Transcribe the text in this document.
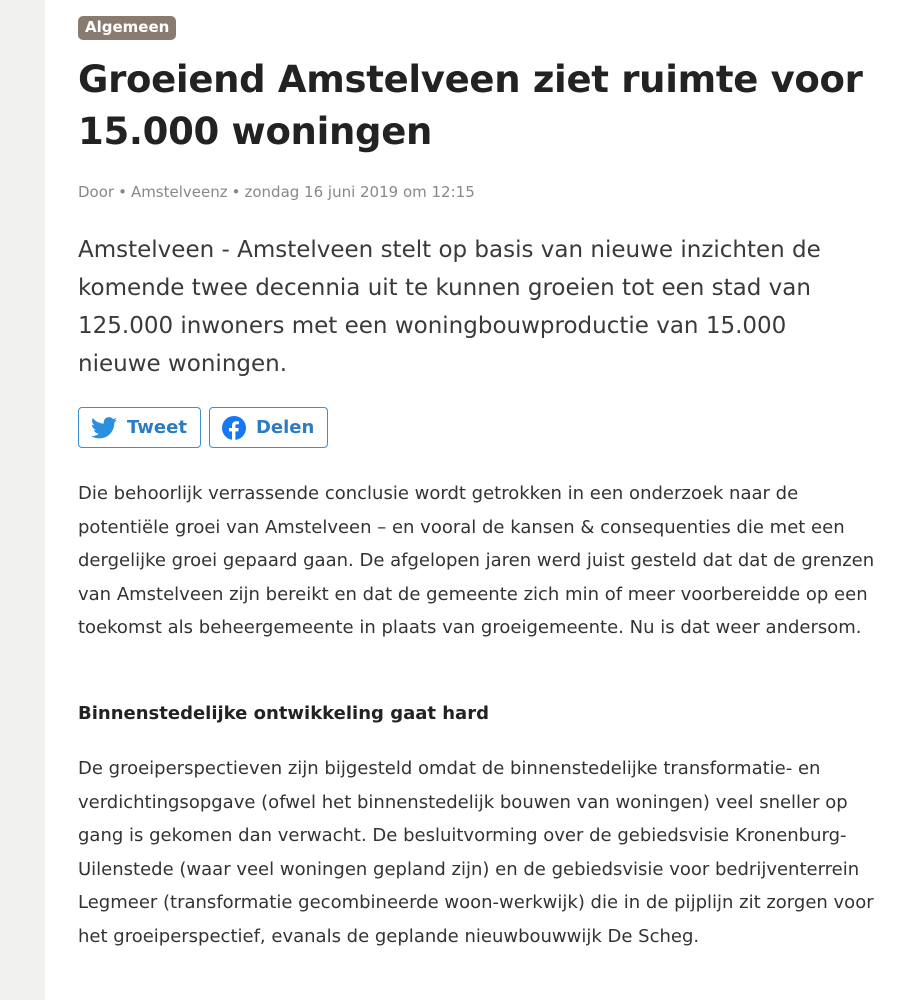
Algemeen
Groeiend Amstelveen ziet ruimte voor 15.000 woningen
Door • Amstelveenz • zondag 16 juni 2019 om 12:15

Amstelveen - Amstelveen stelt op basis van nieuwe inzichten de komende twee decennia uit te kunnen groeien tot een stad van 125.000 inwoners met een woningbouwproductie van 15.000 nieuwe woningen.

Tweet	Delen

Die behoorlijk verrassende conclusie wordt getrokken in een onderzoek naar de potentiële groei van Amstelveen – en vooral de kansen & consequenties die met een dergelijke groei gepaard gaan. De afgelopen jaren werd juist gesteld dat dat de grenzen van Amstelveen zijn bereikt en dat de gemeente zich min of meer voorbereidde op een toekomst als beheergemeente in plaats van groeigemeente. Nu is dat weer andersom.

Binnenstedelijke ontwikkeling gaat hard

De groeiperspectieven zijn bijgesteld omdat de binnenstedelijke transformatie- en verdichtingsopgave (ofwel het binnenstedelijk bouwen van woningen) veel sneller op gang is gekomen dan verwacht. De besluitvorming over de gebiedsvisie Kronenburg-Uilenstede (waar veel woningen gepland zijn) en de gebiedsvisie voor bedrijventerrein Legmeer (transformatie gecombineerde woon-werkwijk) die in de pijplijn zit zorgen voor het groeiperspectief, evanals de geplande nieuwbouwwijk De Scheg.
